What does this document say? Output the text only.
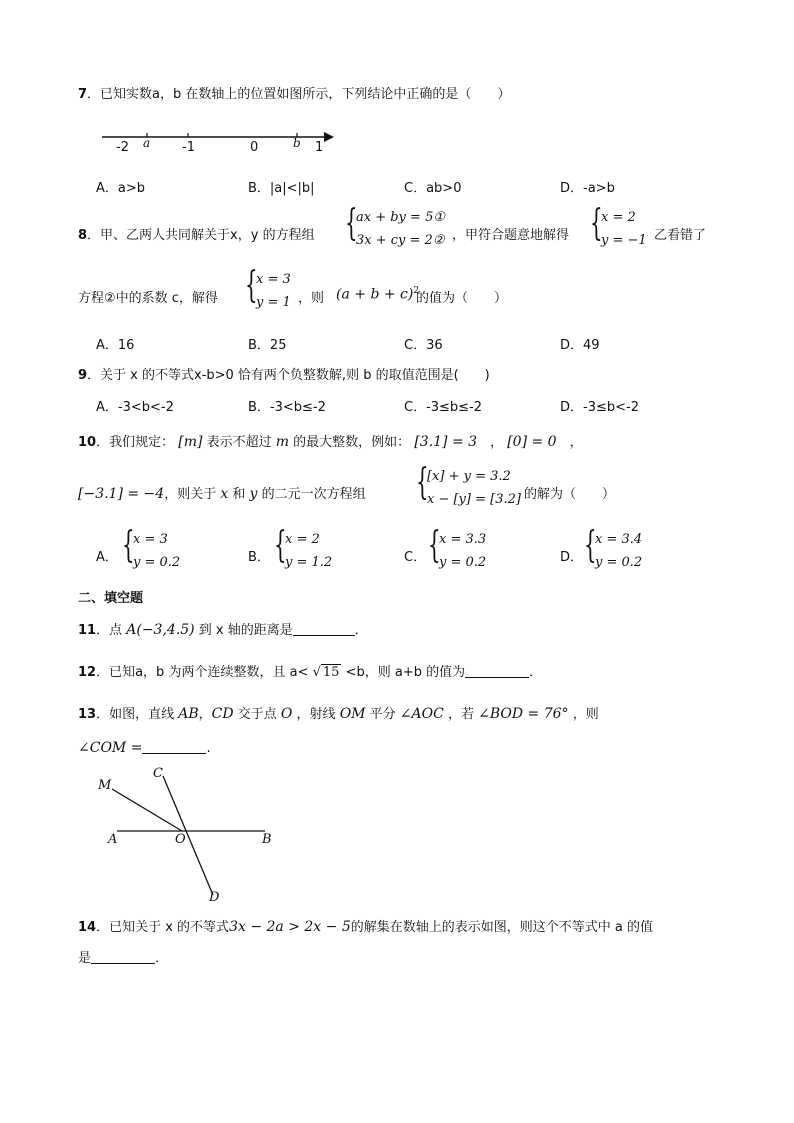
7．已知实数a，b 在数轴上的位置如图所示，下列结论中正确的是（　　）
-2 a -1	0	b 1
A．a>b	B．|a|<|b|	C．ab>0	D．-a>b
8．甲、乙两人共同解关于x，y 的方程组 {
ax + by = 5①
3x + cy = 2② ，甲符合题意地解得 {
x = 2
y = −1 乙看错了
方程②中的系数 c，解得 {
x = 3
y = 1 ，则 $(a + b + c)^2$
的值为（　　）
A．16	B．25	C．36	D．49
9．关于 x 的不等式x-b>0 恰有两个负整数解,则 b 的取值范围是(　　)
A．-3<b<-2	B．-3<b≤-2	C．-3≤b≤-2	D．-3≤b<-2
10．我们规定： [m] 表示不超过 m 的最大整数，例如： [3.1] = 3　， [0] = 0　，
[−3.1] = −4，则关于 x 和 y 的二元一次方程组 {
[x] + y = 3.2
x − [y] = [3.2] 的解为（　　）
A． {
x = 3
y = 0.2	B． {
x = 2
y = 1.2	C． {
x = 3.3
y = 0.2	D． {
x = 3.4
y = 0.2
二、填空题
11．点 A(−3,4.5) 到 x 轴的距离是	．
12．已知a，b 为两个连续整数，且 a< √ 15 <b，则 a+b 的值为	．
13．如图，直线 AB，CD 交于点 O ，射线 OM 平分 ∠AOC ，若 ∠BOD = 76° ，则
∠COM =	.
M
C
A	O	B
D
14．已知关于 x 的不等式3x − 2a > 2x − 5的解集在数轴上的表示如图，则这个不等式中 a 的值
是	．
